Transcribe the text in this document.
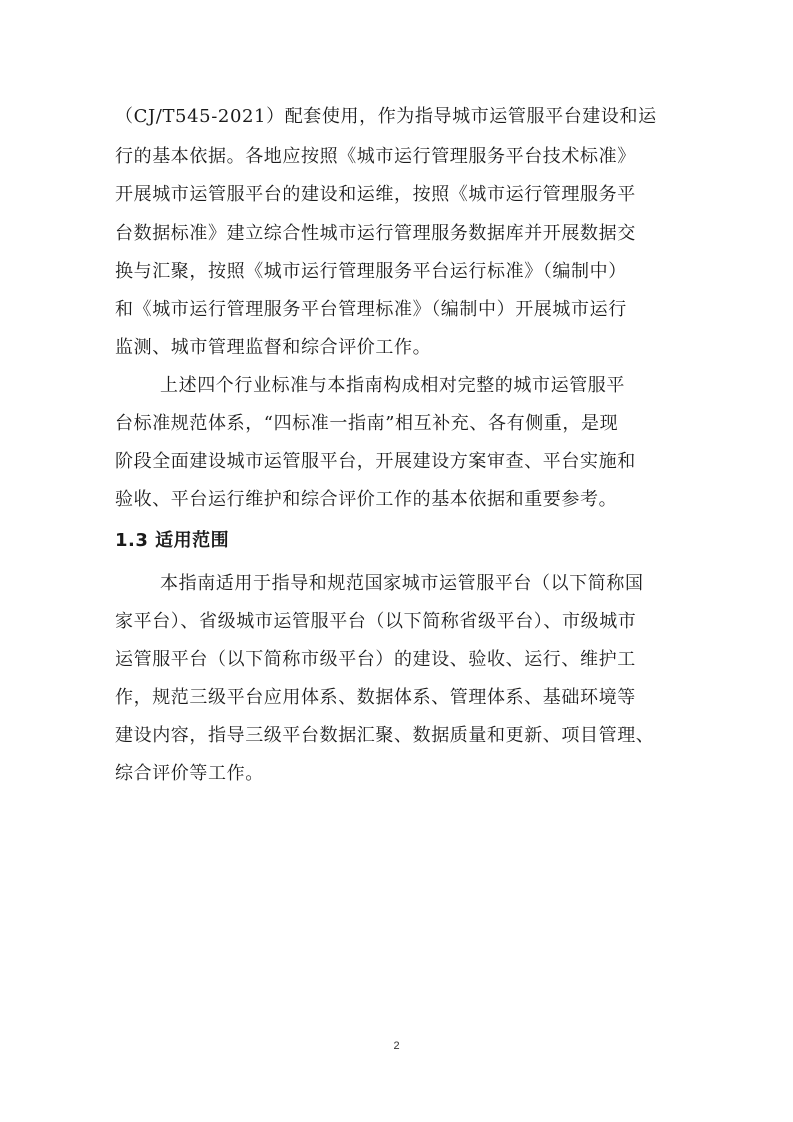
（CJ/T545-2021）配套使用，作为指导城市运管服平台建设和运
行的基本依据。各地应按照《城市运行管理服务平台技术标准》
开展城市运管服平台的建设和运维，按照《城市运行管理服务平
台数据标准》建立综合性城市运行管理服务数据库并开展数据交
换与汇聚，按照《城市运行管理服务平台运行标准》（编制中）
和《城市运行管理服务平台管理标准》（编制中）开展城市运行
监测、城市管理监督和综合评价工作。
上述四个行业标准与本指南构成相对完整的城市运管服平
台标准规范体系，“四标准一指南”相互补充、各有侧重，是现
阶段全面建设城市运管服平台，开展建设方案审查、平台实施和
验收、平台运行维护和综合评价工作的基本依据和重要参考。
1.3 适用范围
本指南适用于指导和规范国家城市运管服平台（以下简称国
家平台）、省级城市运管服平台（以下简称省级平台）、市级城市
运管服平台（以下简称市级平台）的建设、验收、运行、维护工
作，规范三级平台应用体系、数据体系、管理体系、基础环境等
建设内容，指导三级平台数据汇聚、数据质量和更新、项目管理、
综合评价等工作。
2
